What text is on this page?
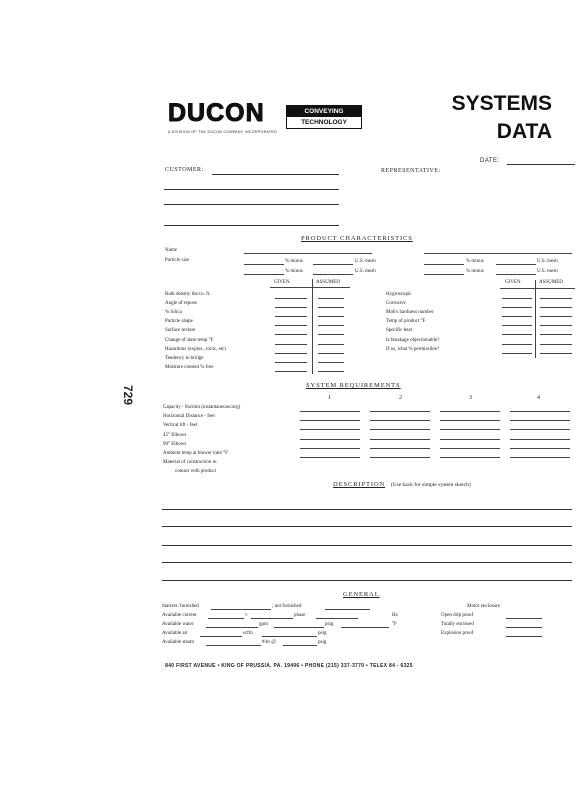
DUCON	CONVEYING
TECHNOLOGY
A DIVISION OF THE DUCON COMPANY INCORPORATED
SYSTEMS
DATA
DATE:
CUSTOMER:	REPRESENTATIVE:
PRODUCT CHARACTERISTICS
Name
Particle size	% minus	U.S. mesh	% minus	U.S. mesh
% minus	U.S. mesh	% minus	U.S. mesh
GIVEN	ASSUMED	GIVEN	ASSUMED
Bulk density lbs/cu. ft.
Angle of repose
% Silica
Particle shape
Surface texture
Change of state temp °F
Hazardous (explos., toxic, etc)
Tendency to bridge
Moisture content % free
Hygroscopic
Corrosive
Moh's hardness number
Temp of product °F
Specific heat
Is breakage objectionable?
If so, what % permissible?
729	SYSTEM REQUIREMENTS
1	2	3	4
Capacity - lbs/min (instantaneous/avg)
Horizontal Distance - feet
Vertical lift - feet
45° Elbows
90° Elbows
Ambient temp at blower inlet °F
Material of construction in
contact with product
DESCRIPTION (Use back for simple system sketch)
GENERAL
Starters: furnished	; not furnished
Available current	v	phase	Hz
Available water	gpm	psig	°F
Available air	scfm	psig
Available steam	#/hr @	psig
Motor enclosure
Open drip proof
Totally enclosed
Explosion proof
840 FIRST AVENUE • KING OF PRUSSIA, PA. 19406 • PHONE (215) 337-3770 • TELEX 84 - 6325
